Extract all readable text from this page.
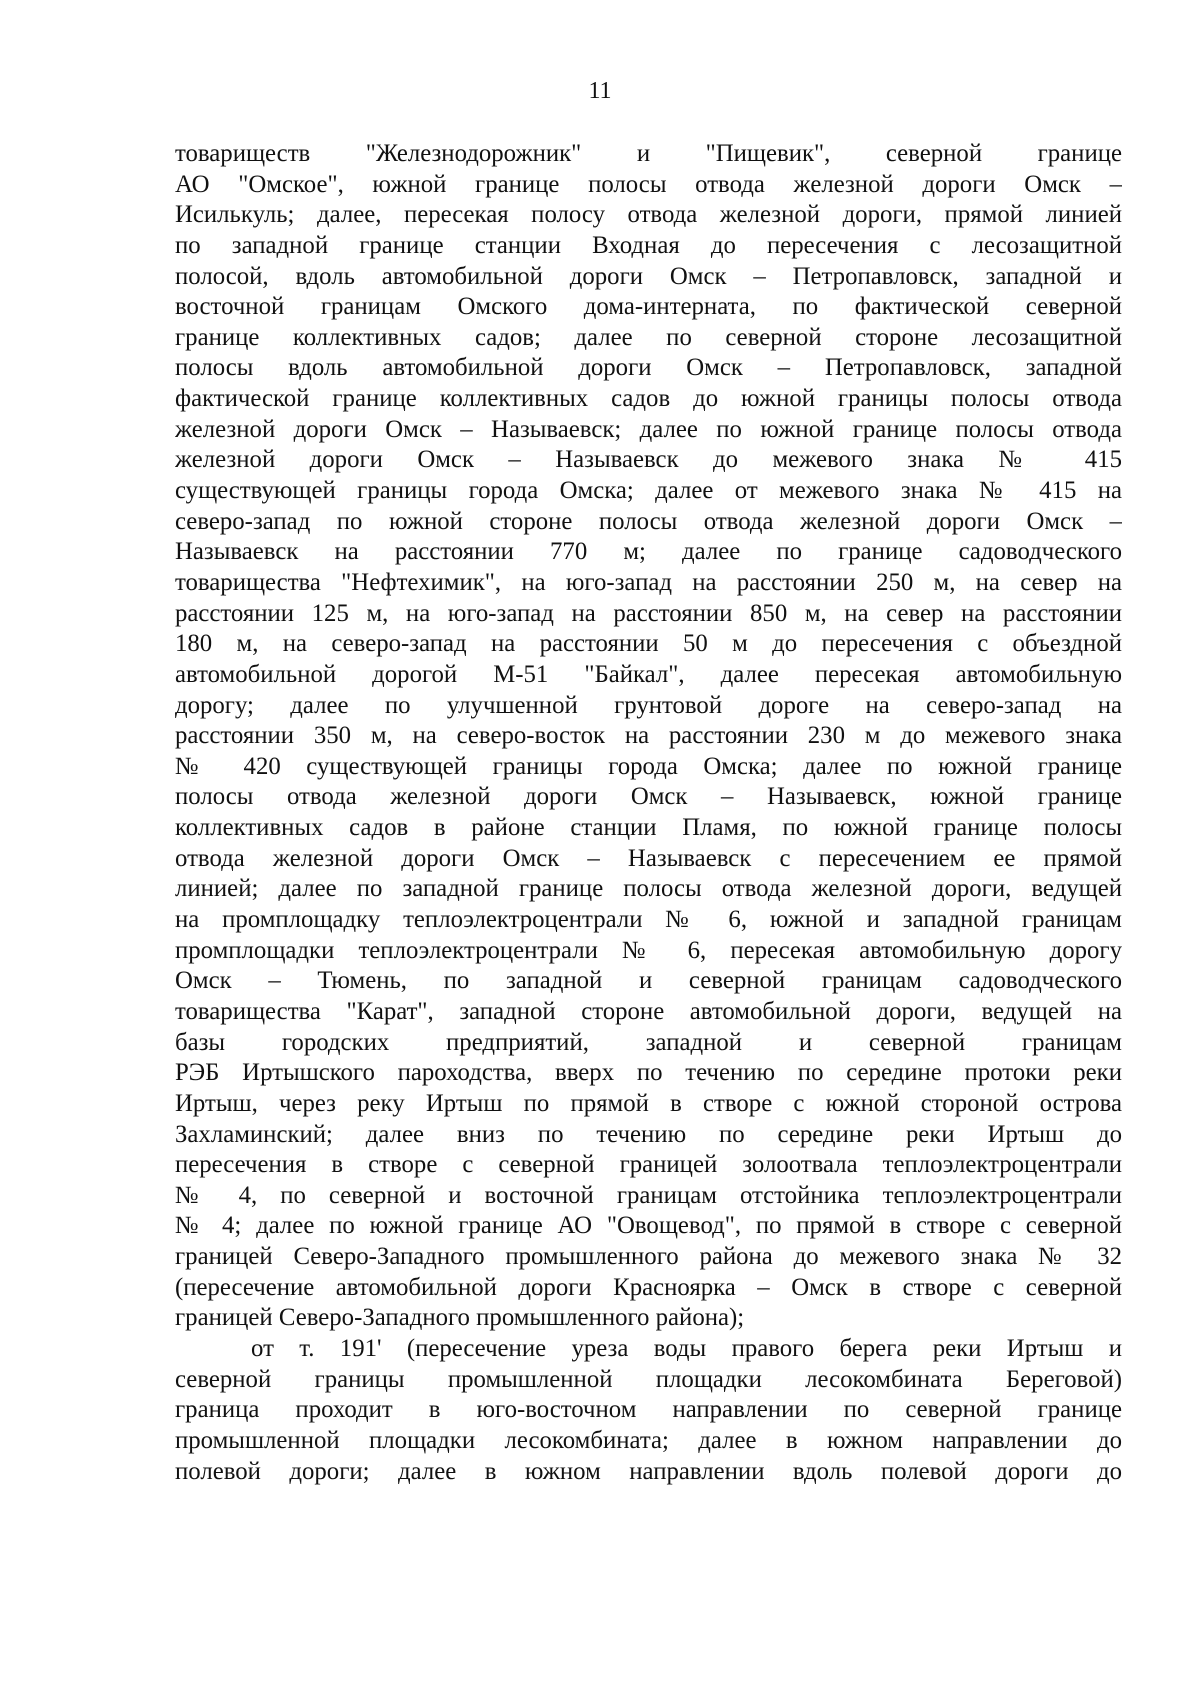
11
товариществ "Железнодорожник" и "Пищевик", северной границе
АО "Омское", южной границе полосы отвода железной дороги Омск –
Исилькуль; далее, пересекая полосу отвода железной дороги, прямой линией
по западной границе станции Входная до пересечения с лесозащитной
полосой, вдоль автомобильной дороги Омск – Петропавловск, западной и
восточной границам Омского дома-интерната, по фактической северной
границе коллективных садов; далее по северной стороне лесозащитной
полосы вдоль автомобильной дороги Омск – Петропавловск, западной
фактической границе коллективных садов до южной границы полосы отвода
железной дороги Омск – Называевск; далее по южной границе полосы отвода
железной дороги Омск – Называевск до межевого знака № 415
существующей границы города Омска; далее от межевого знака № 415 на
северо-запад по южной стороне полосы отвода железной дороги Омск –
Называевск на расстоянии 770 м; далее по границе садоводческого
товарищества "Нефтехимик", на юго-запад на расстоянии 250 м, на север на
расстоянии 125 м, на юго-запад на расстоянии 850 м, на север на расстоянии
180 м, на северо-запад на расстоянии 50 м до пересечения с объездной
автомобильной дорогой М-51 "Байкал", далее пересекая автомобильную
дорогу; далее по улучшенной грунтовой дороге на северо-запад на
расстоянии 350 м, на северо-восток на расстоянии 230 м до межевого знака
№ 420 существующей границы города Омска; далее по южной границе
полосы отвода железной дороги Омск – Называевск, южной границе
коллективных садов в районе станции Пламя, по южной границе полосы
отвода железной дороги Омск – Называевск с пересечением ее прямой
линией; далее по западной границе полосы отвода железной дороги, ведущей
на промплощадку теплоэлектроцентрали № 6, южной и западной границам
промплощадки теплоэлектроцентрали № 6, пересекая автомобильную дорогу
Омск – Тюмень, по западной и северной границам садоводческого
товарищества "Карат", западной стороне автомобильной дороги, ведущей на
базы городских предприятий, западной и северной границам
РЭБ Иртышского пароходства, вверх по течению по середине протоки реки
Иртыш, через реку Иртыш по прямой в створе с южной стороной острова
Захламинский; далее вниз по течению по середине реки Иртыш до
пересечения в створе с северной границей золоотвала теплоэлектроцентрали
№ 4, по северной и восточной границам отстойника теплоэлектроцентрали
№ 4; далее по южной границе АО "Овощевод", по прямой в створе с северной
границей Северо-Западного промышленного района до межевого знака № 32
(пересечение автомобильной дороги Красноярка – Омск в створе с северной
границей Северо-Западного промышленного района);
от т. 191' (пересечение уреза воды правого берега реки Иртыш и
северной границы промышленной площадки лесокомбината Береговой)
граница проходит в юго-восточном направлении по северной границе
промышленной площадки лесокомбината; далее в южном направлении до
полевой дороги; далее в южном направлении вдоль полевой дороги до
